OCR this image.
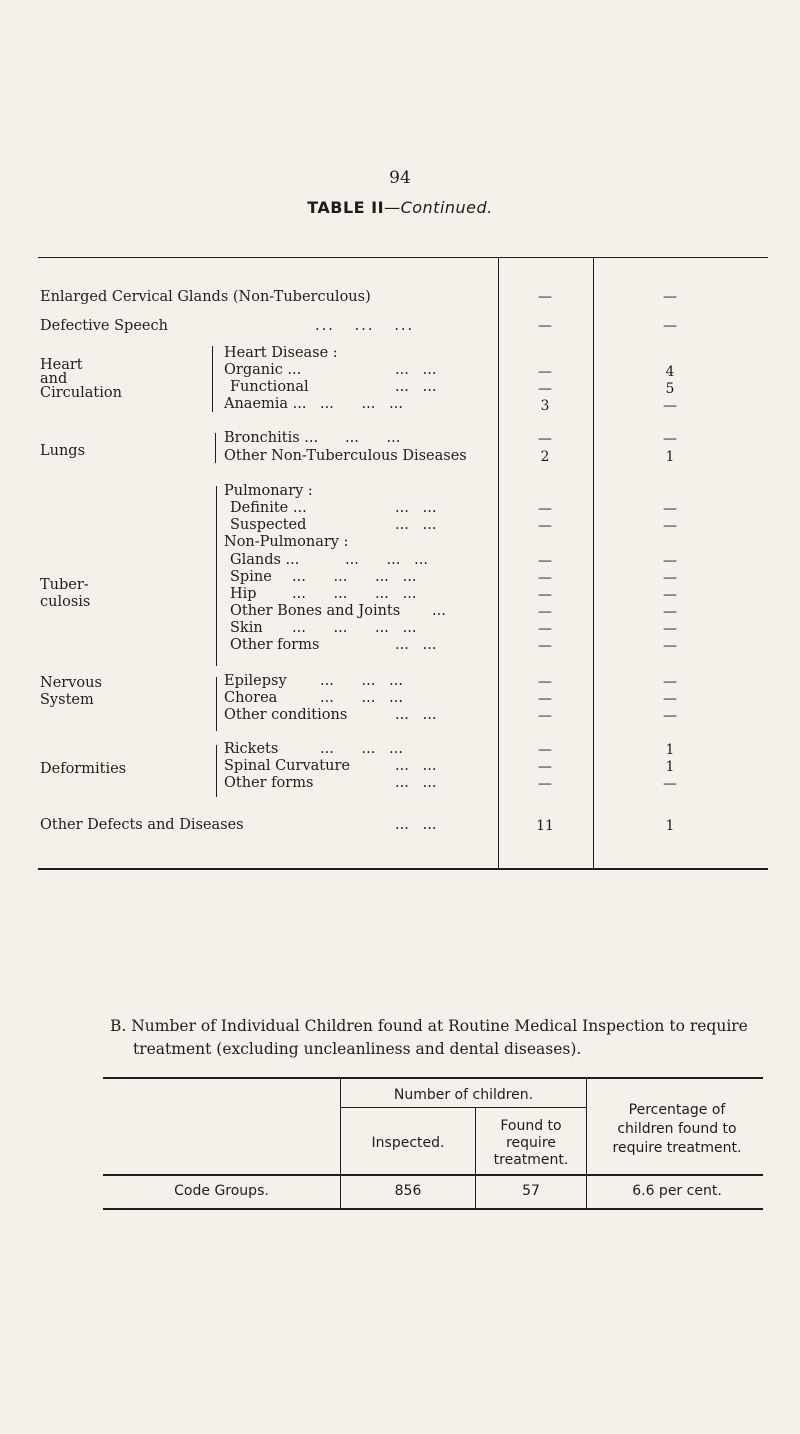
94
TABLE II—Continued.
Enlarged Cervical Glands (Non-Tuberculous)	—	—
Defective Speech	... ... ...	—	—
Heart
and
Circulation
Heart Disease :
Organic ...	... ...	—	4
Functional	... ...	—	5
Anaemia ... ... ... ...	3	—
Lungs
Bronchitis ... ... ...	—	—
Other Non-Tuberculous Diseases	2	1
Tuber-
culosis
Pulmonary :
Definite ...	... ...	—	—
Suspected	... ...	—	—
Non-Pulmonary :
Glands ...	... ... ...	—	—
Spine ... ... ... ...	—	—
Hip ... ... ... ...	—	—
Other Bones and Joints ...	—	—
Skin ... ... ... ...	—	—
Other forms	... ...	—	—
Nervous
System
Epilepsy ... ... ...	—	—
Chorea	... ... ...	—	—
Other conditions	... ...	—	—
Deformities
Rickets	... ... ...	—	1
Spinal Curvature	... ...	—	1
Other forms	... ...	—	—
Other Defects and Diseases	... ...	11	1
B. Number of Individual Children found at Routine Medical Inspection to require
treatment (excluding uncleanliness and dental diseases).
Number of children.
Inspected.
Found to
require
treatment.
Percentage of
children found to
require treatment.
Code Groups.	856	57	6.6 per cent.
